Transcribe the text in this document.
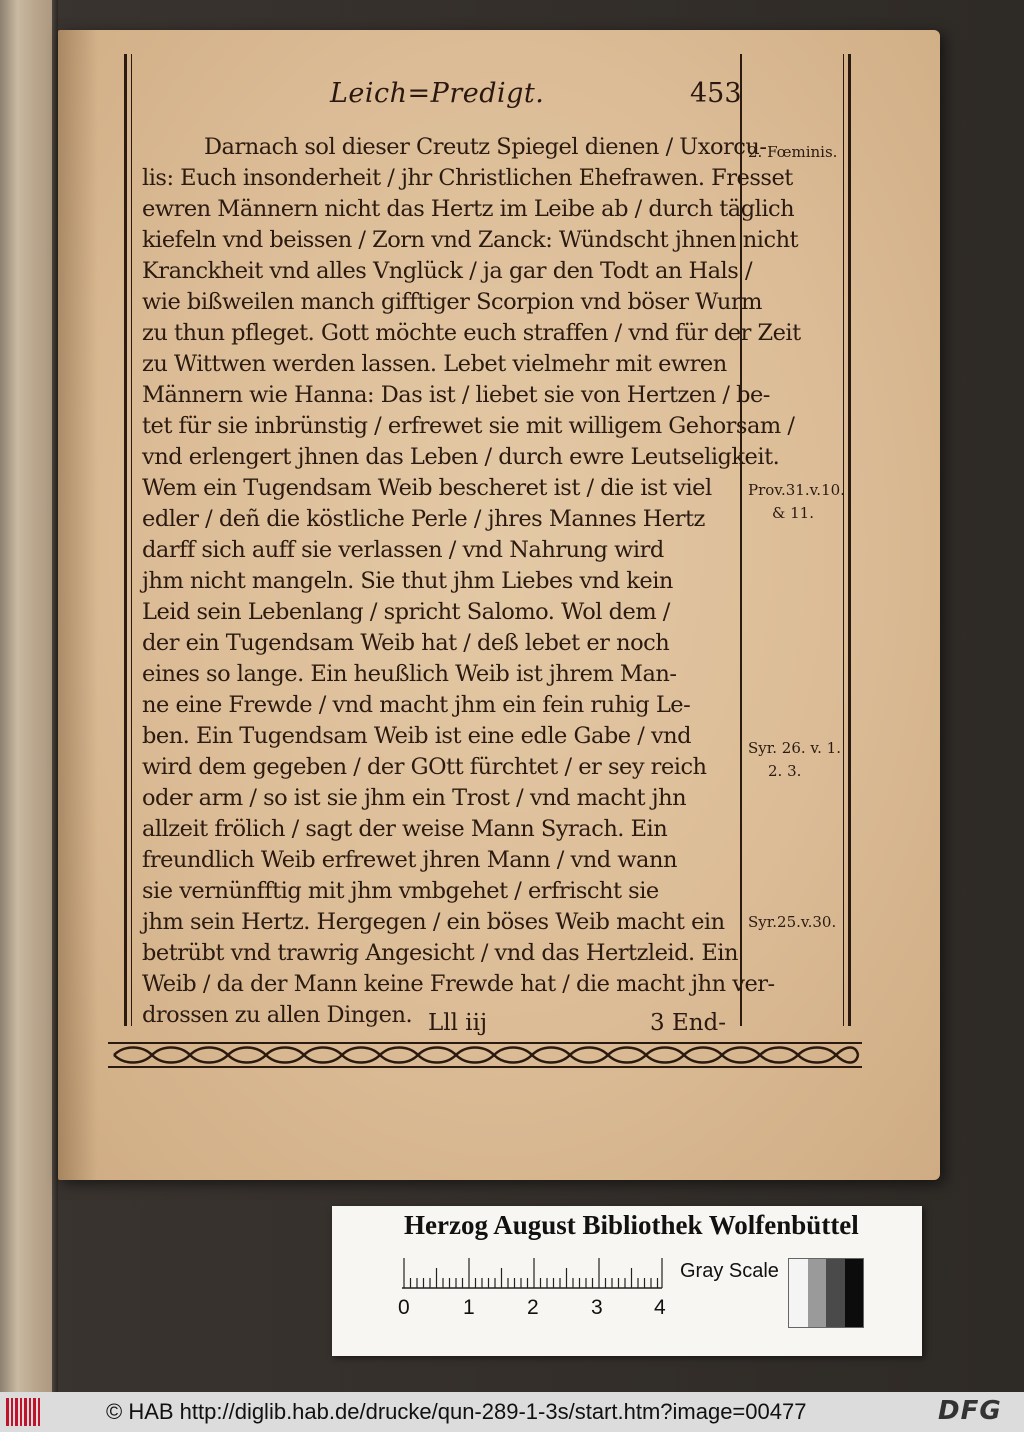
Leich=Predigt.	453
Darnach sol dieser Creutz Spiegel dienen / Uxorcu-
lis: Euch insonderheit / jhr Christlichen Ehefrawen. Fresset
ewren Männern nicht das Hertz im Leibe ab / durch täglich
kiefeln vnd beissen / Zorn vnd Zanck: Wündscht jhnen nicht
Kranckheit vnd alles Vnglück / ja gar den Todt an Hals /
wie bißweilen manch gifftiger Scorpion vnd böser Wurm
zu thun pfleget. Gott möchte euch straffen / vnd für der Zeit
zu Wittwen werden lassen. Lebet vielmehr mit ewren
Männern wie Hanna: Das ist / liebet sie von Hertzen / be-
tet für sie inbrünstig / erfrewet sie mit willigem Gehorsam /
vnd erlengert jhnen das Leben / durch ewre Leutseligkeit.
Wem ein Tugendsam Weib bescheret ist / die ist viel
edler / deñ die köstliche Perle / jhres Mannes Hertz
darff sich auff sie verlassen / vnd Nahrung wird
jhm nicht mangeln. Sie thut jhm Liebes vnd kein
Leid sein Lebenlang / spricht Salomo. Wol dem /
der ein Tugendsam Weib hat / deß lebet er noch
eines so lange. Ein heußlich Weib ist jhrem Man-
ne eine Frewde / vnd macht jhm ein fein ruhig Le-
ben. Ein Tugendsam Weib ist eine edle Gabe / vnd
wird dem gegeben / der GOtt fürchtet / er sey reich
oder arm / so ist sie jhm ein Trost / vnd macht jhn
allzeit frölich / sagt der weise Mann Syrach. Ein
freundlich Weib erfrewet jhren Mann / vnd wann
sie vernünfftig mit jhm vmbgehet / erfrischt sie
jhm sein Hertz. Hergegen / ein böses Weib macht ein
betrübt vnd trawrig Angesicht / vnd das Hertzleid. Ein
Weib / da der Mann keine Frewde hat / die macht jhn ver-
drossen zu allen Dingen.
2. Fœminis.
Prov.31.v.10.
& 11.
Syr. 26. v. 1.
2. 3.
Syr.25.v.30.
Lll iij	3 End-
Herzog August Bibliothek Wolfenbüttel
0	1 2 3 4
Gray Scale
© HAB http://diglib.hab.de/drucke/qun-289-1-3s/start.htm?image=00477	DFG
